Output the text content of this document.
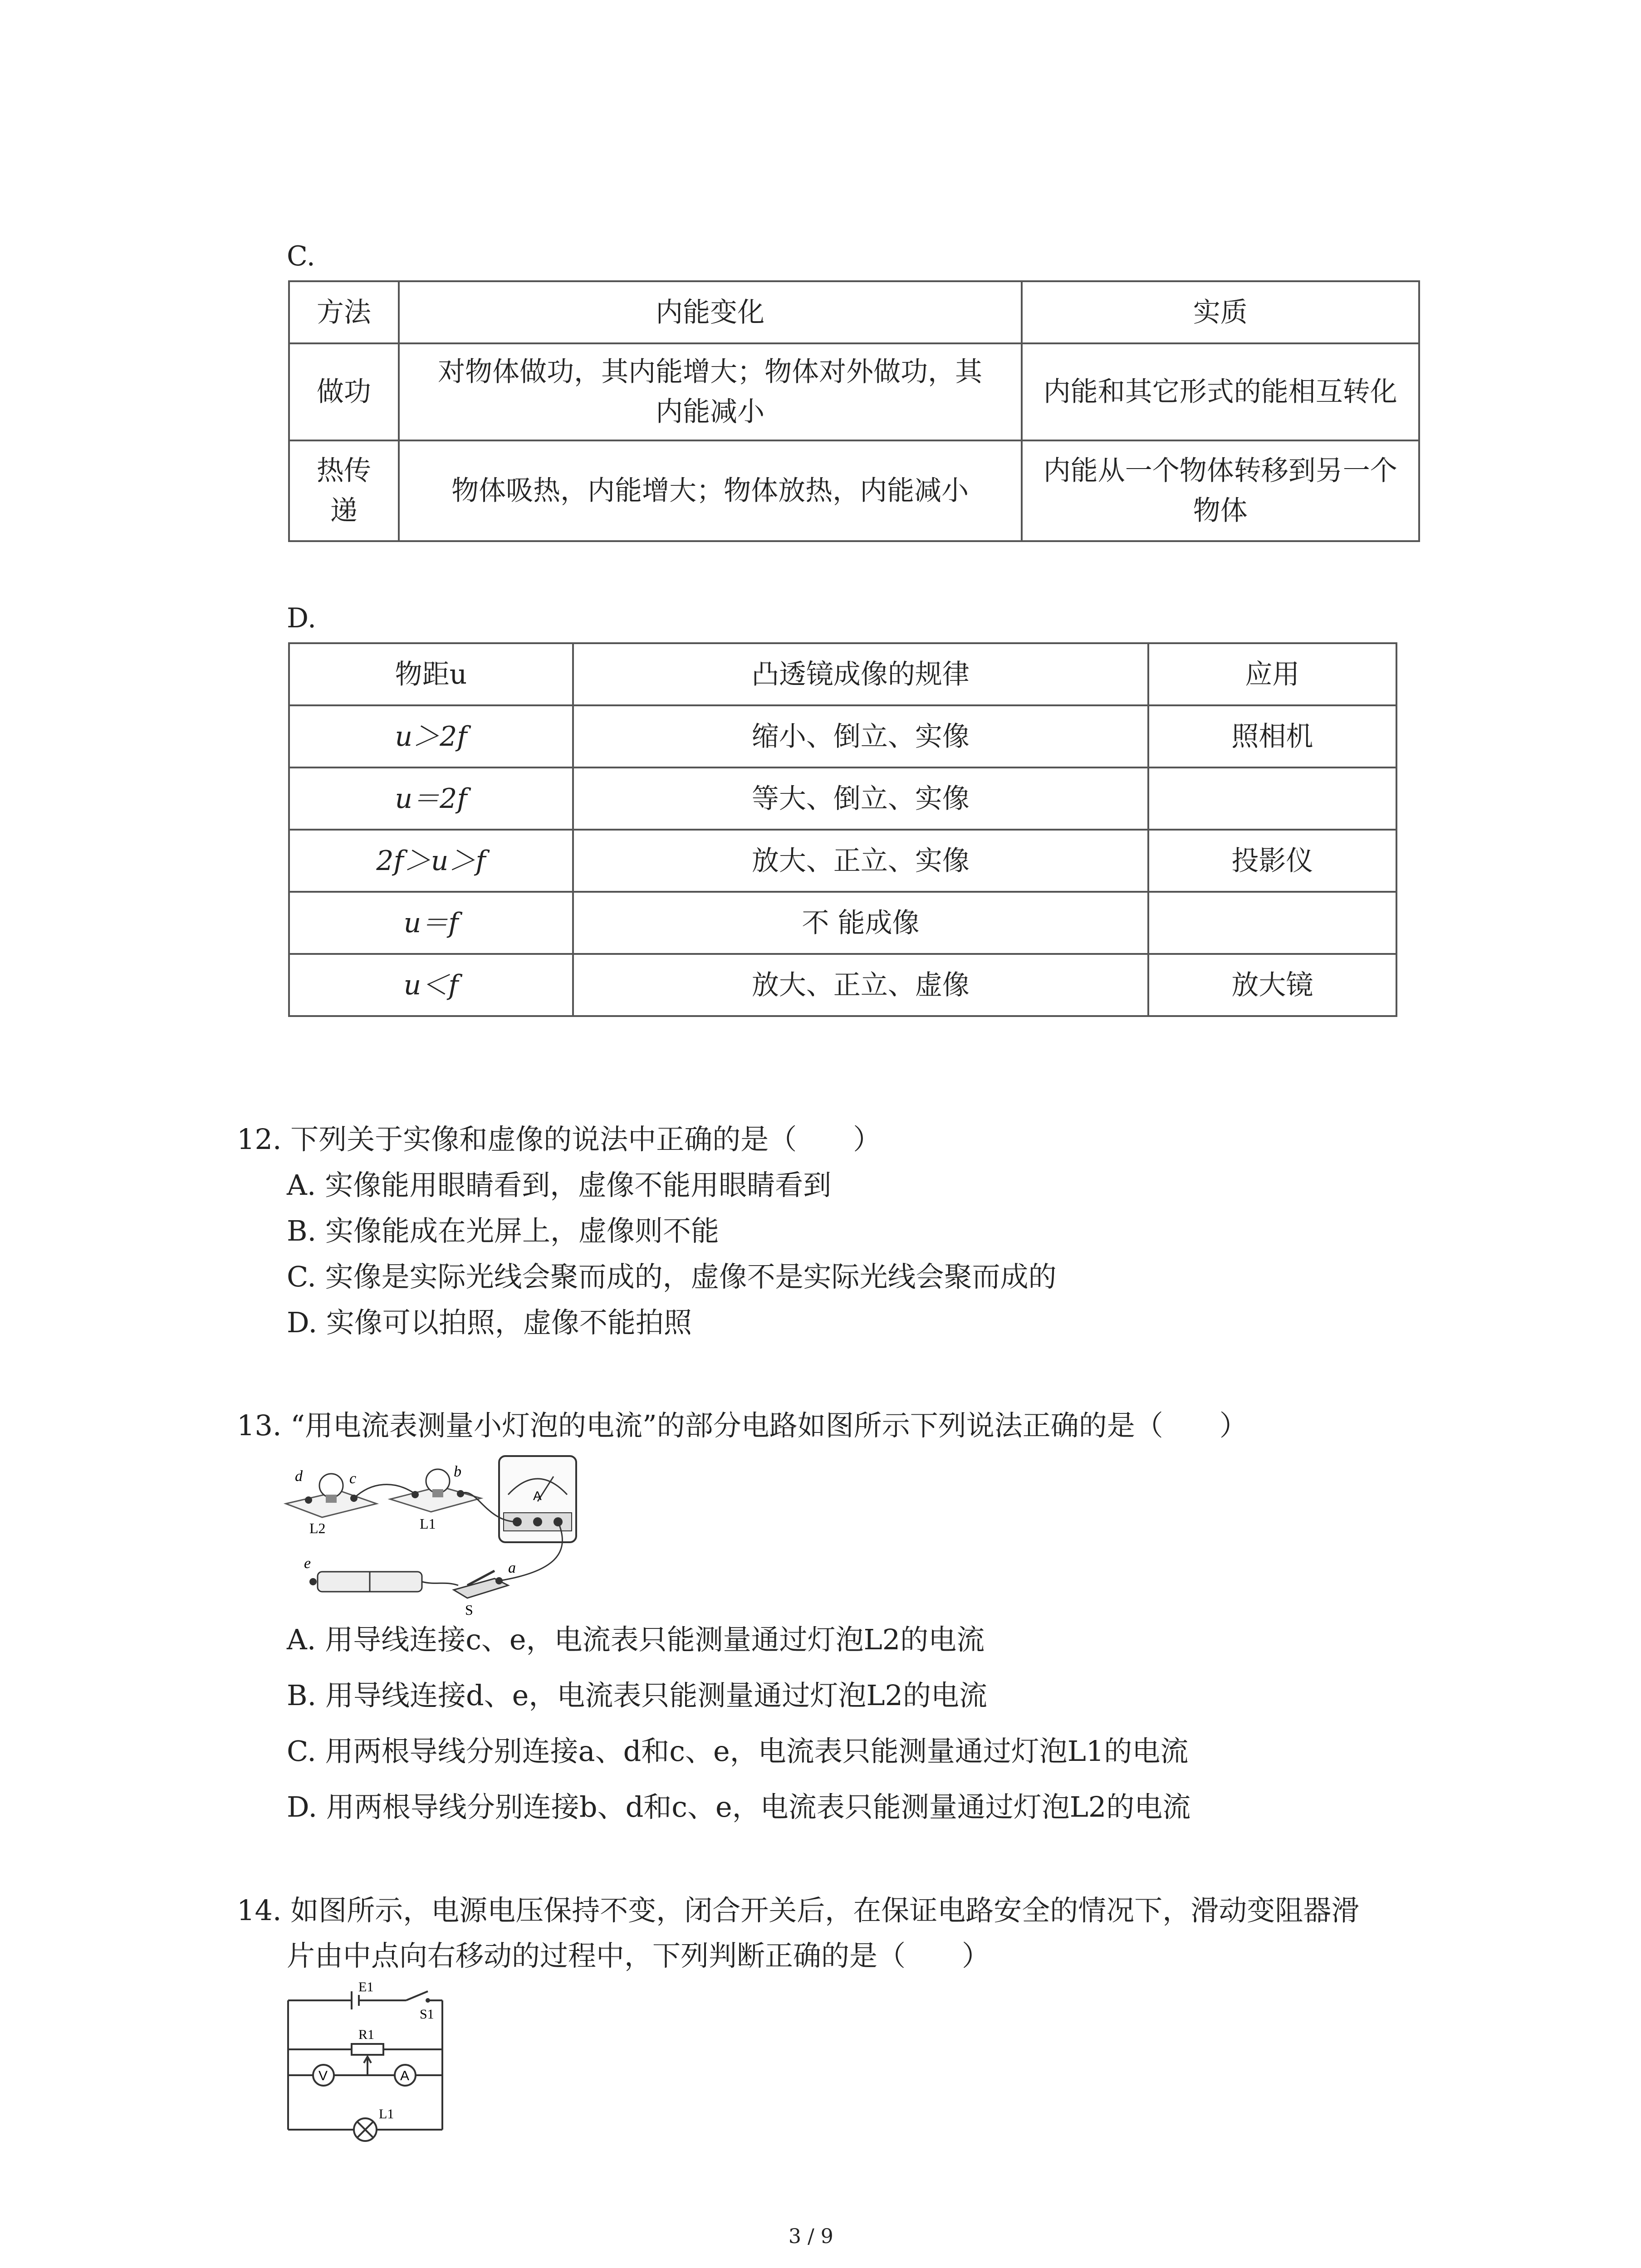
C.
方法	内能变化	实质
做功	对物体做功，其内能增大；物体对外做功，其内能减小	内能和其它形式的能相互转化
热传递	物体吸热，内能增大；物体放热，内能减小	内能从一个物体转移到另一个物体
D.
物距u	凸透镜成像的规律	应用
u＞2f	缩小、倒立、实像	照相机
u＝2f	等大、倒立、实像	
2f＞u＞f	放大、正立、实像	投影仪
u＝f	不 能成像	
u＜f	放大、正立、虚像	放大镜
12. 下列关于实像和虚像的说法中正确的是（　　）
A. 实像能用眼睛看到，虚像不能用眼睛看到
B. 实像能成在光屏上，虚像则不能
C. 实像是实际光线会聚而成的，虚像不是实际光线会聚而成的
D. 实像可以拍照，虚像不能拍照
13. “用电流表测量小灯泡的电流”的部分电路如图所示下列说法正确的是（　　）
d	c
L2
b
L1
A
e	a
S
A. 用导线连接c、e，电流表只能测量通过灯泡L2的电流
B. 用导线连接d、e，电流表只能测量通过灯泡L2的电流
C. 用两根导线分别连接a、d和c、e，电流表只能测量通过灯泡L1的电流
D. 用两根导线分别连接b、d和c、e，电流表只能测量通过灯泡L2的电流
14. 如图所示，电源电压保持不变，闭合开关后，在保证电路安全的情况下，滑动变阻器滑
片由中点向右移动的过程中，下列判断正确的是（　　）
E1
S1
R1
V	A
L1
3 / 9
